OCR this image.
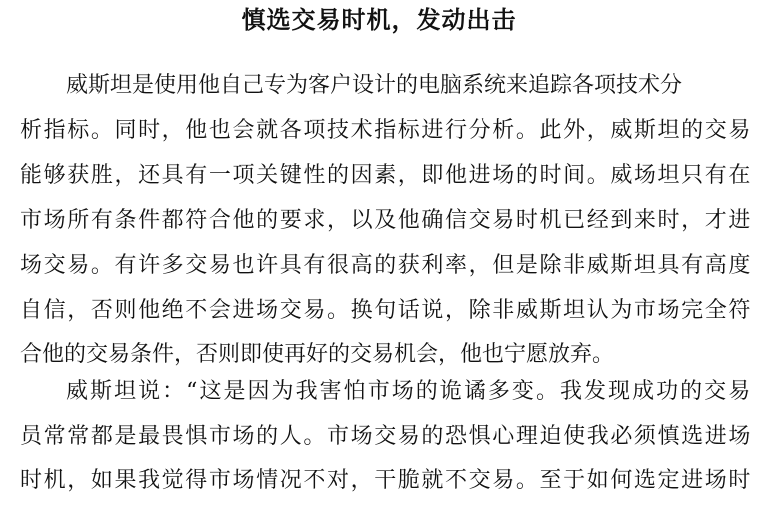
慎选交易时机，发动出击

威斯坦是使用他自己专为客户设计的电脑系统来追踪各项技术分

析指标。同时，他也会就各项技术指标进行分析。此外，威斯坦的交易

能够获胜，还具有一项关键性的因素，即他进场的时间。威场坦只有在

市场所有条件都符合他的要求，以及他确信交易时机已经到来时，才进

场交易。有许多交易也许具有很高的获利率，但是除非威斯坦具有高度

自信，否则他绝不会进场交易。换句话说，除非威斯坦认为市场完全符

合他的交易条件，否则即使再好的交易机会，他也宁愿放弃。

威斯坦说：“这是因为我害怕市场的诡谲多变。我发现成功的交易

员常常都是最畏惧市场的人。市场交易的恐惧心理迫使我必须慎选进场

时机，如果我觉得市场情况不对，干脆就不交易。至于如何选定进场时
